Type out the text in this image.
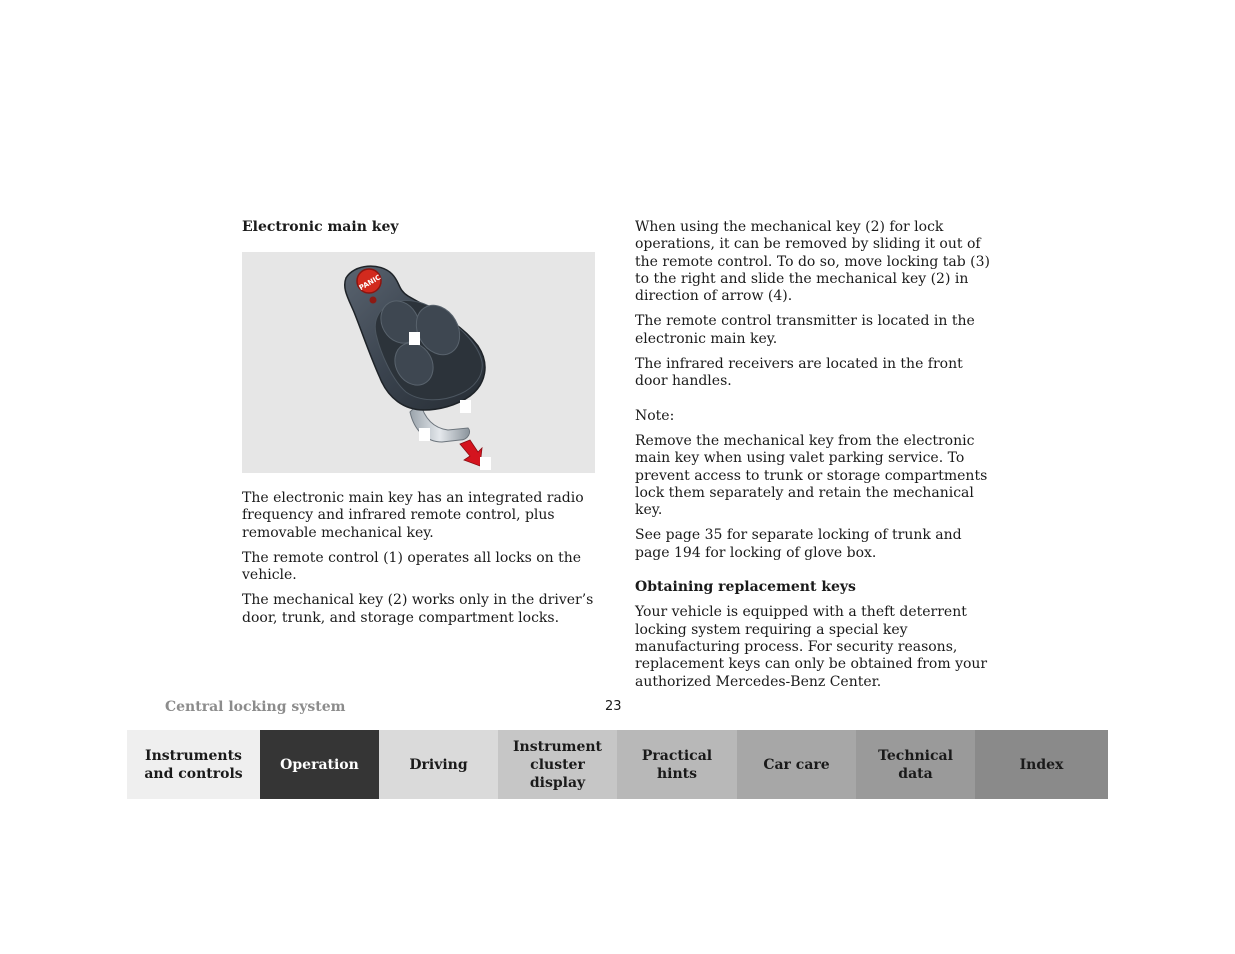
Electronic main key
PANIC

The electronic main key has an integrated radio frequency and infrared remote control, plus removable mechanical key.

The remote control (1) operates all locks on the vehicle.

The mechanical key (2) works only in the driver’s door, trunk, and storage compartment locks.

When using the mechanical key (2) for lock operations, it can be removed by sliding it out of the remote control. To do so, move locking tab (3) to the right and slide the mechanical key (2) in direction of arrow (4).

The remote control transmitter is located in the electronic main key.

The infrared receivers are located in the front door handles.

Note:

Remove the mechanical key from the electronic main key when using valet parking service. To prevent access to trunk or storage compartments lock them separately and retain the mechanical key.

See page 35 for separate locking of trunk and page 194 for locking of glove box.

Obtaining replacement keys

Your vehicle is equipped with a theft deterrent locking system requiring a special key manufacturing process. For security reasons, replacement keys can only be obtained from your authorized Mercedes-Benz Center.

Central locking system	23
Instruments
and controls
Operation	Driving
Instrument
cluster display
Practical hints
Car care
Technical
data
Index
